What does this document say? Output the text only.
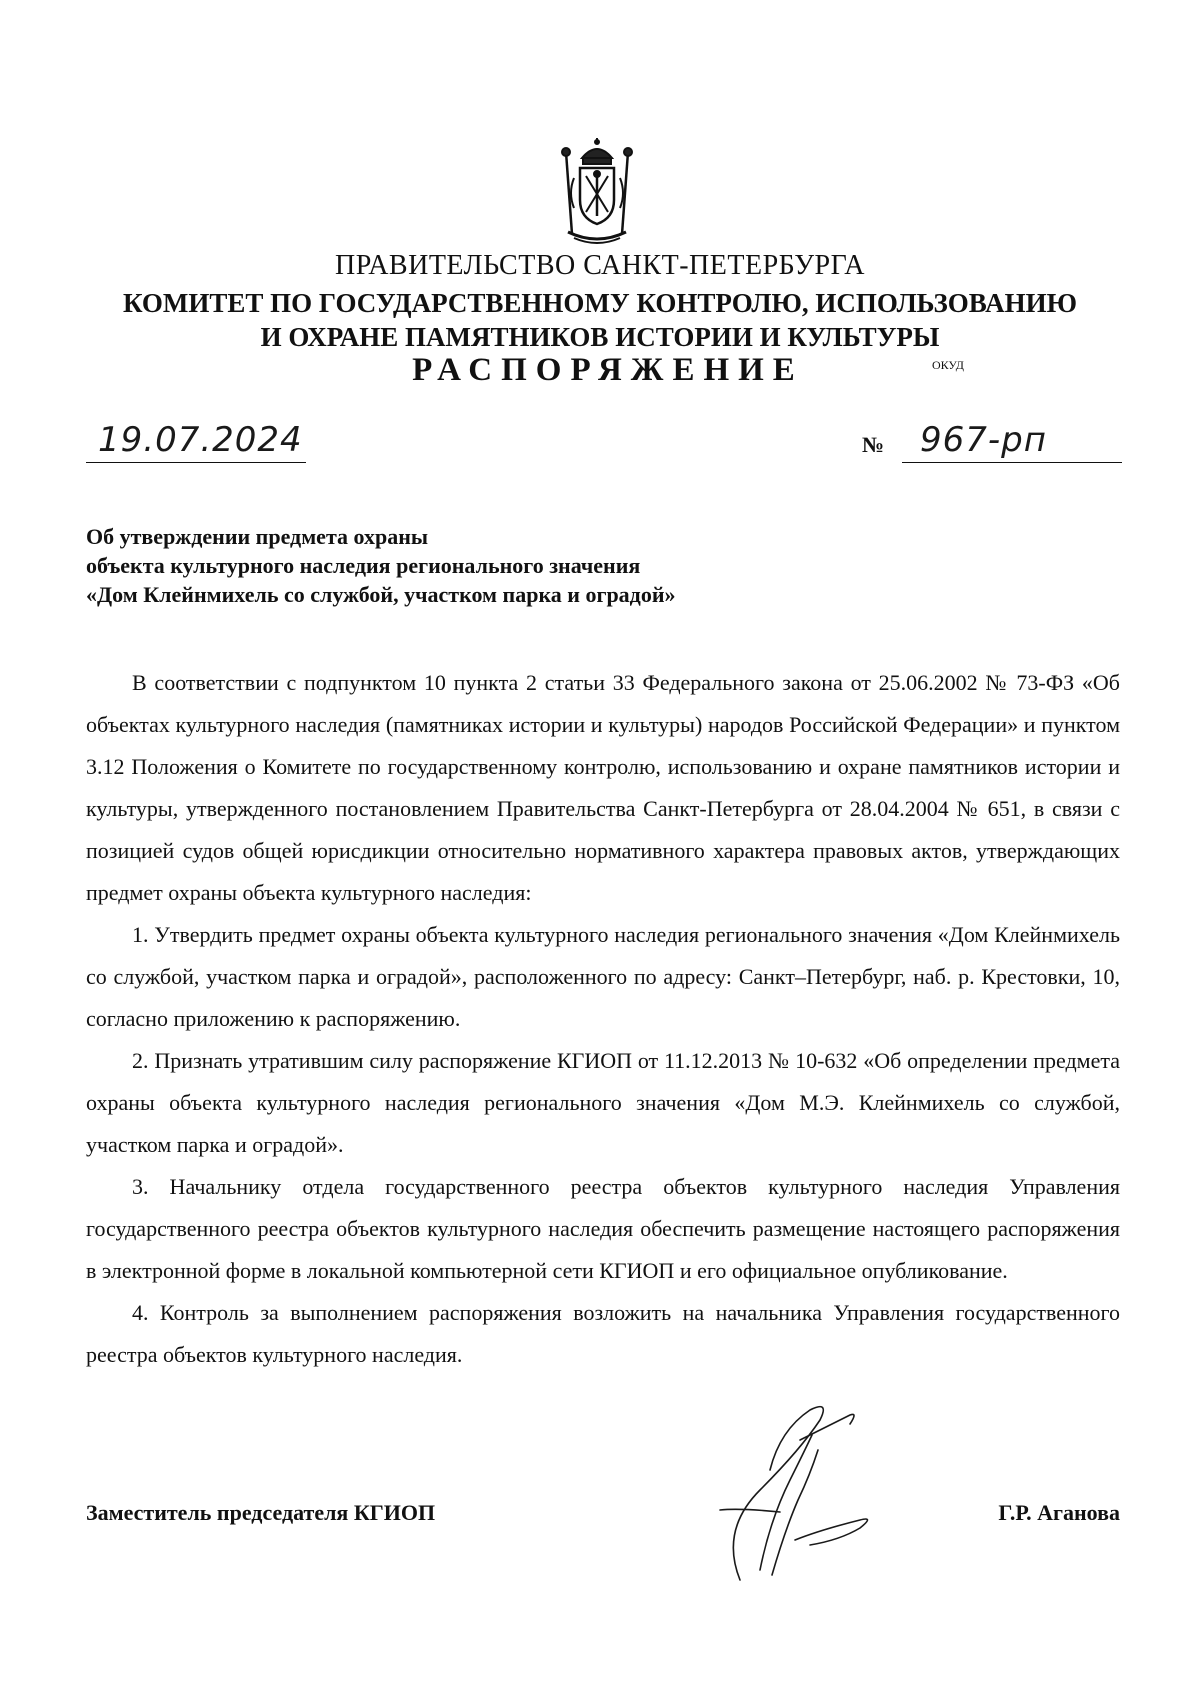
ПРАВИТЕЛЬСТВО САНКТ-ПЕТЕРБУРГА
КОМИТЕТ ПО ГОСУДАРСТВЕННОМУ КОНТРОЛЮ, ИСПОЛЬЗОВАНИЮ
И ОХРАНЕ ПАМЯТНИКОВ ИСТОРИИ И КУЛЬТУРЫ
РАСПОРЯЖЕНИЕ	ОКУД
19.07.2024	№ 967-рп
Об утверждении предмета охраны
объекта культурного наследия регионального значения
«Дом Клейнмихель со службой, участком парка и оградой»

В соответствии с подпунктом 10 пункта 2 статьи 33 Федерального закона от 25.06.2002 № 73-ФЗ «Об объектах культурного наследия (памятниках истории и культуры) народов Российской Федерации» и пунктом 3.12 Положения о Комитете по государственному контролю, использованию и охране памятников истории и культуры, утвержденного постановлением Правительства Санкт-Петербурга от 28.04.2004 № 651, в связи с позицией судов общей юрисдикции относительно нормативного характера правовых актов, утверждающих предмет охраны объекта культурного наследия:

1. Утвердить предмет охраны объекта культурного наследия регионального значения «Дом Клейнмихель со службой, участком парка и оградой», расположенного по адресу: Санкт–Петербург, наб. р. Крестовки, 10, согласно приложению к распоряжению.

2. Признать утратившим силу распоряжение КГИОП от 11.12.2013 № 10-632 «Об определении предмета охраны объекта культурного наследия регионального значения «Дом М.Э. Клейнмихель со службой, участком парка и оградой».

3. Начальнику отдела государственного реестра объектов культурного наследия Управления государственного реестра объектов культурного наследия обеспечить размещение настоящего распоряжения в электронной форме в локальной компьютерной сети КГИОП и его официальное опубликование.

4. Контроль за выполнением распоряжения возложить на начальника Управления государственного реестра объектов культурного наследия.

Заместитель председателя КГИОП	Г.Р. Аганова
